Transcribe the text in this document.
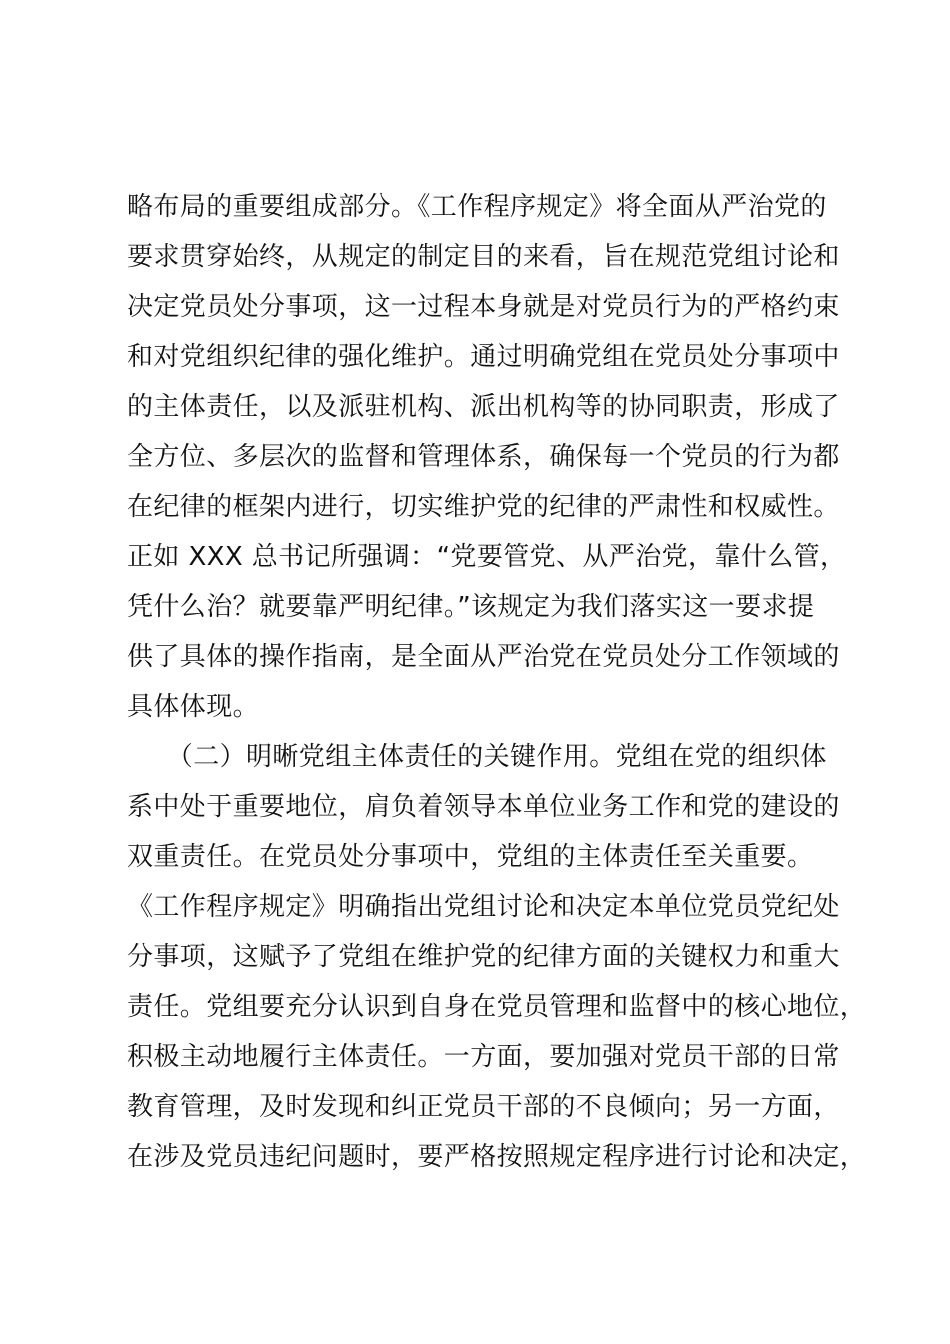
略布局的重要组成部分。《工作程序规定》将全面从严治党的
要求贯穿始终，从规定的制定目的来看，旨在规范党组讨论和
决定党员处分事项，这一过程本身就是对党员行为的严格约束
和对党组织纪律的强化维护。通过明确党组在党员处分事项中
的主体责任，以及派驻机构、派出机构等的协同职责，形成了
全方位、多层次的监督和管理体系，确保每一个党员的行为都
在纪律的框架内进行，切实维护党的纪律的严肃性和权威性。
正如 XXX 总书记所强调：“党要管党、从严治党，靠什么管，
凭什么治？就要靠严明纪律。”该规定为我们落实这一要求提
供了具体的操作指南，是全面从严治党在党员处分工作领域的
具体体现。
　　（二）明晰党组主体责任的关键作用。党组在党的组织体
系中处于重要地位，肩负着领导本单位业务工作和党的建设的
双重责任。在党员处分事项中，党组的主体责任至关重要。
《工作程序规定》明确指出党组讨论和决定本单位党员党纪处
分事项，这赋予了党组在维护党的纪律方面的关键权力和重大
责任。党组要充分认识到自身在党员管理和监督中的核心地位，
积极主动地履行主体责任。一方面，要加强对党员干部的日常
教育管理，及时发现和纠正党员干部的不良倾向；另一方面，
在涉及党员违纪问题时，要严格按照规定程序进行讨论和决定，
